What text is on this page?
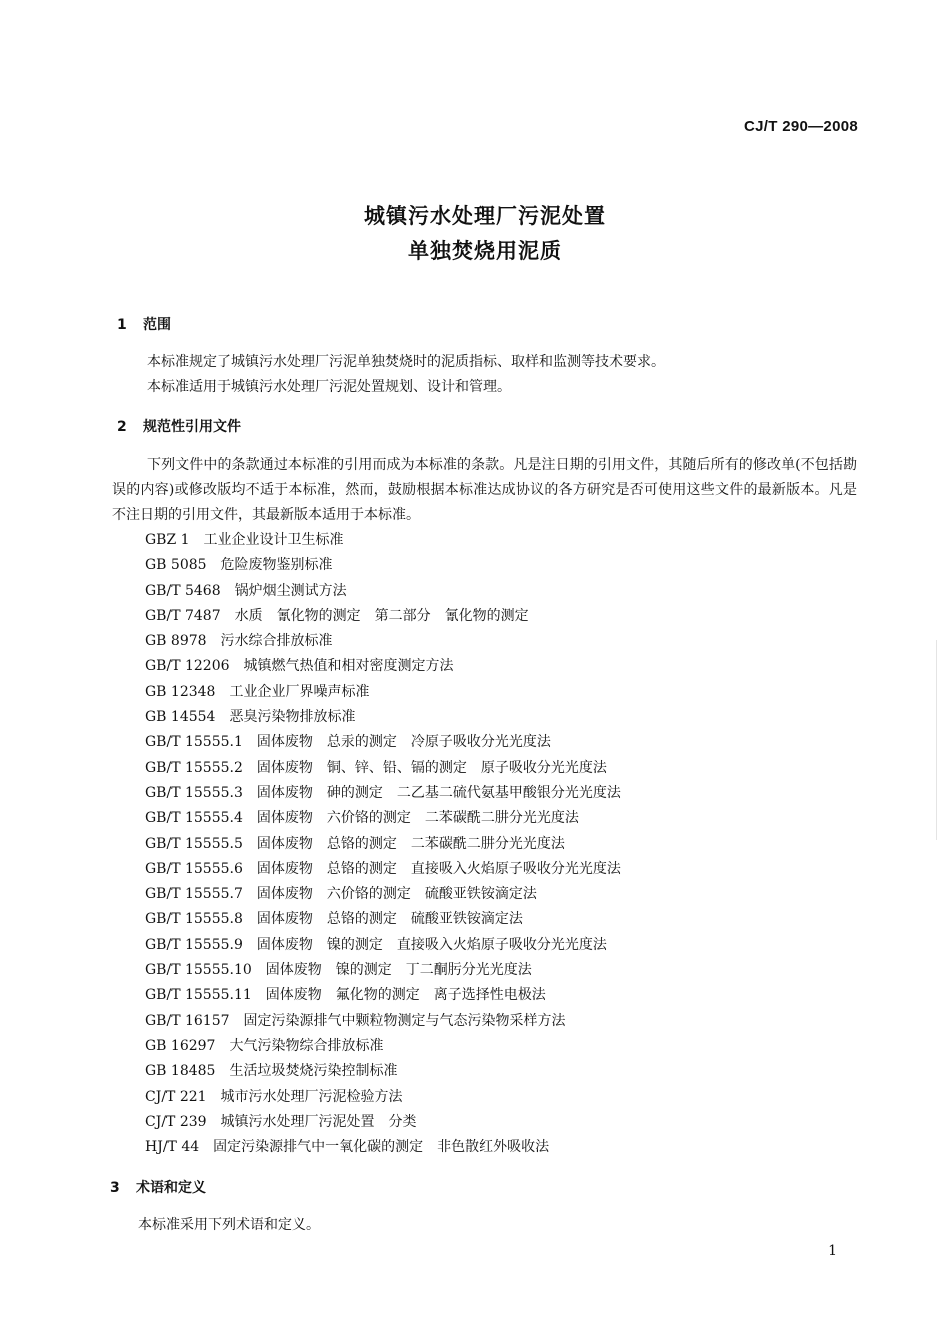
CJ/T 290—2008
城镇污水处理厂污泥处置
单独焚烧用泥质
1 范围

本标准规定了城镇污水处理厂污泥单独焚烧时的泥质指标、取样和监测等技术要求。

本标准适用于城镇污水处理厂污泥处置规划、设计和管理。

2 规范性引用文件

下列文件中的条款通过本标准的引用而成为本标准的条款。凡是注日期的引用文件，其随后所有的修改单(不包括勘误的内容)或修改版均不适于本标准，然而，鼓励根据本标准达成协议的各方研究是否可使用这些文件的最新版本。凡是不注日期的引用文件，其最新版本适用于本标准。

GBZ 1　工业企业设计卫生标准
GB 5085　危险废物鉴别标准
GB/T 5468　锅炉烟尘测试方法
GB/T 7487　水质　氰化物的测定　第二部分　氰化物的测定
GB 8978　污水综合排放标准
GB/T 12206　城镇燃气热值和相对密度测定方法
GB 12348　工业企业厂界噪声标准
GB 14554　恶臭污染物排放标准
GB/T 15555.1　固体废物　总汞的测定　冷原子吸收分光光度法
GB/T 15555.2　固体废物　铜、锌、铅、镉的测定　原子吸收分光光度法
GB/T 15555.3　固体废物　砷的测定　二乙基二硫代氨基甲酸银分光光度法
GB/T 15555.4　固体废物　六价铬的测定　二苯碳酰二肼分光光度法
GB/T 15555.5　固体废物　总铬的测定　二苯碳酰二肼分光光度法
GB/T 15555.6　固体废物　总铬的测定　直接吸入火焰原子吸收分光光度法
GB/T 15555.7　固体废物　六价铬的测定　硫酸亚铁铵滴定法
GB/T 15555.8　固体废物　总铬的测定　硫酸亚铁铵滴定法
GB/T 15555.9　固体废物　镍的测定　直接吸入火焰原子吸收分光光度法
GB/T 15555.10　固体废物　镍的测定　丁二酮肟分光光度法
GB/T 15555.11　固体废物　氟化物的测定　离子选择性电极法
GB/T 16157　固定污染源排气中颗粒物测定与气态污染物采样方法
GB 16297　大气污染物综合排放标准
GB 18485　生活垃圾焚烧污染控制标准
CJ/T 221　城市污水处理厂污泥检验方法
CJ/T 239　城镇污水处理厂污泥处置　分类
HJ/T 44　固定污染源排气中一氧化碳的测定　非色散红外吸收法
3 术语和定义

本标准采用下列术语和定义。

1
